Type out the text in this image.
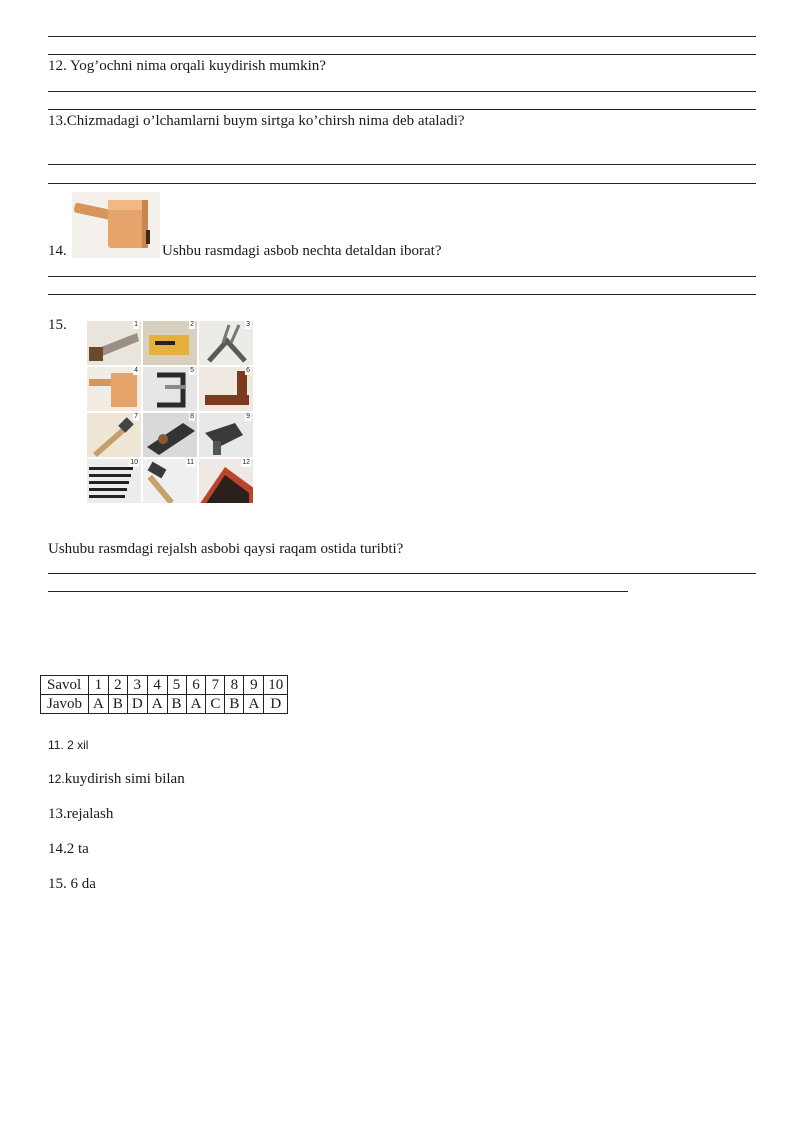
12. Yog’ochni nima orqali kuydirish mumkin?
13.Chizmadagi o’lchamlarni buym sirtga ko’chirsh nima deb ataladi?
14.	Ushbu rasmdagi asbob nechta detaldan iborat?
15.	1	2	3
4	5	6
7	8	9
10	11	12
Ushubu rasmdagi rejalsh asbobi qaysi raqam ostida turibti?
Savol	1	2	3	4	5	6	7	8	9	10
Javob	A	B	D	A	B	A	C	B	A	D
11. 2 xil
12.kuydirish simi bilan
13.rejalash
14.2 ta
15. 6 da
